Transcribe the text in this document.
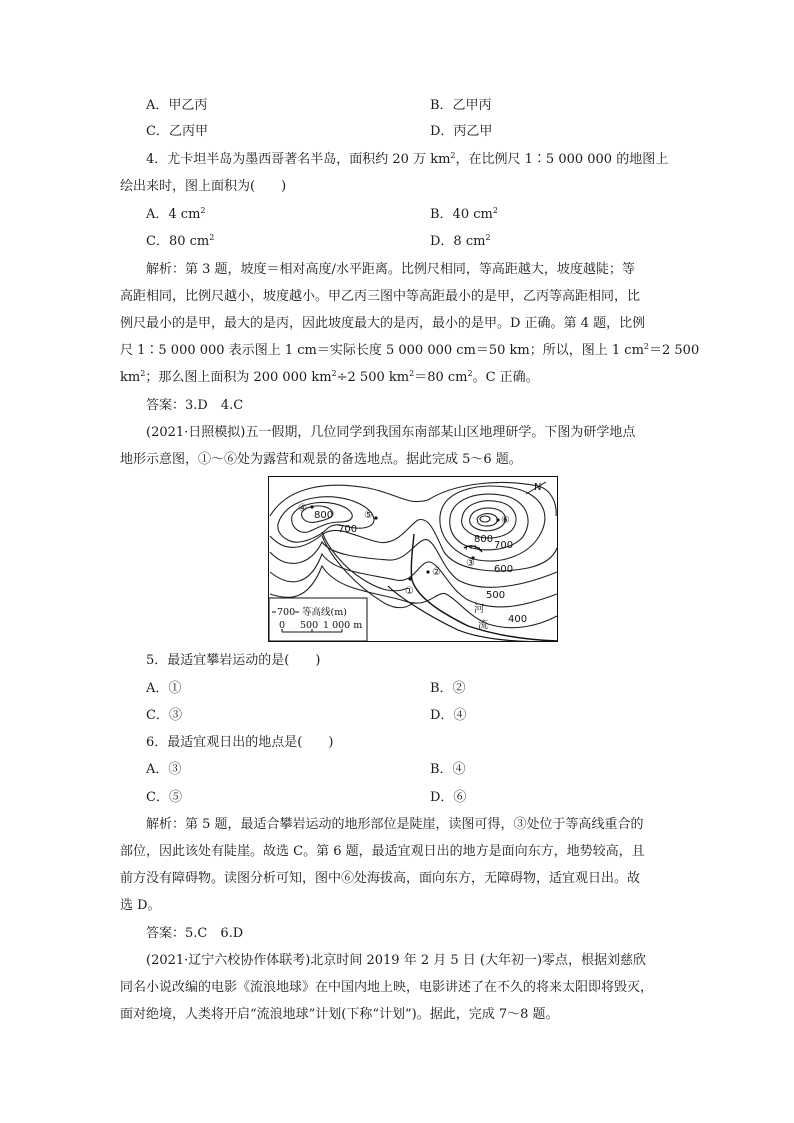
A．甲乙丙	B．乙甲丙
C．乙丙甲	D．丙乙甲
4．尤卡坦半岛为墨西哥著名半岛，面积约 20 万 $km^2$，在比例尺 1∶5 000 000 的地图上
绘出来时，图上面积为(　　)
A．4 $cm^2$	B．40 $cm^2$
C．80 $cm^2$	D．8 $cm^2$
解析：第 3 题，坡度＝相对高度/水平距离。比例尺相同，等高距越大，坡度越陡；等
高距相同，比例尺越小，坡度越小。甲乙丙三图中等高距最小的是甲，乙丙等高距相同，比
例尺最小的是甲，最大的是丙，因此坡度最大的是丙，最小的是甲。D 正确。第 4 题，比例
尺 1∶5 000 000 表示图上 1 cm＝实际长度 5 000 000 cm＝50 km；所以，图上 1 $cm^2=2$ 500
$km^2$；那么图上面积为 200 000 $km^2\div 2$ 500 $km^2=80$ $cm^2$。C 正确。
答案：3.D　4.C
(2021·日照模拟)五一假期，几位同学到我国东南部某山区地理研学。下图为研学地点
地形示意图，①～⑥处为露营和观景的备选地点。据此完成 5～6 题。
N
800
700
800
700
600
500
400
①
②
③
④
⑤	⑥
河
流
700 等高线(m)
0 500 1 000 m
5．最适宜攀岩运动的是(　　)
A．①	B．②
C．③	D．④
6．最适宜观日出的地点是(　　)
A．③	B．④
C．⑤	D．⑥
解析：第 5 题，最适合攀岩运动的地形部位是陡崖，读图可得，③处位于等高线重合的
部位，因此该处有陡崖。故选 C。第 6 题，最适宜观日出的地方是面向东方，地势较高，且
前方没有障碍物。读图分析可知，图中⑥处海拔高，面向东方，无障碍物，适宜观日出。故
选 D。
答案：5.C　6.D
(2021·辽宁六校协作体联考)北京时间 2019 年 2 月 5 日 (大年初一)零点，根据刘慈欣
同名小说改编的电影《流浪地球》在中国内地上映，电影讲述了在不久的将来太阳即将毁灭，
面对绝境，人类将开启“流浪地球”计划(下称“计划”)。据此，完成 7～8 题。
